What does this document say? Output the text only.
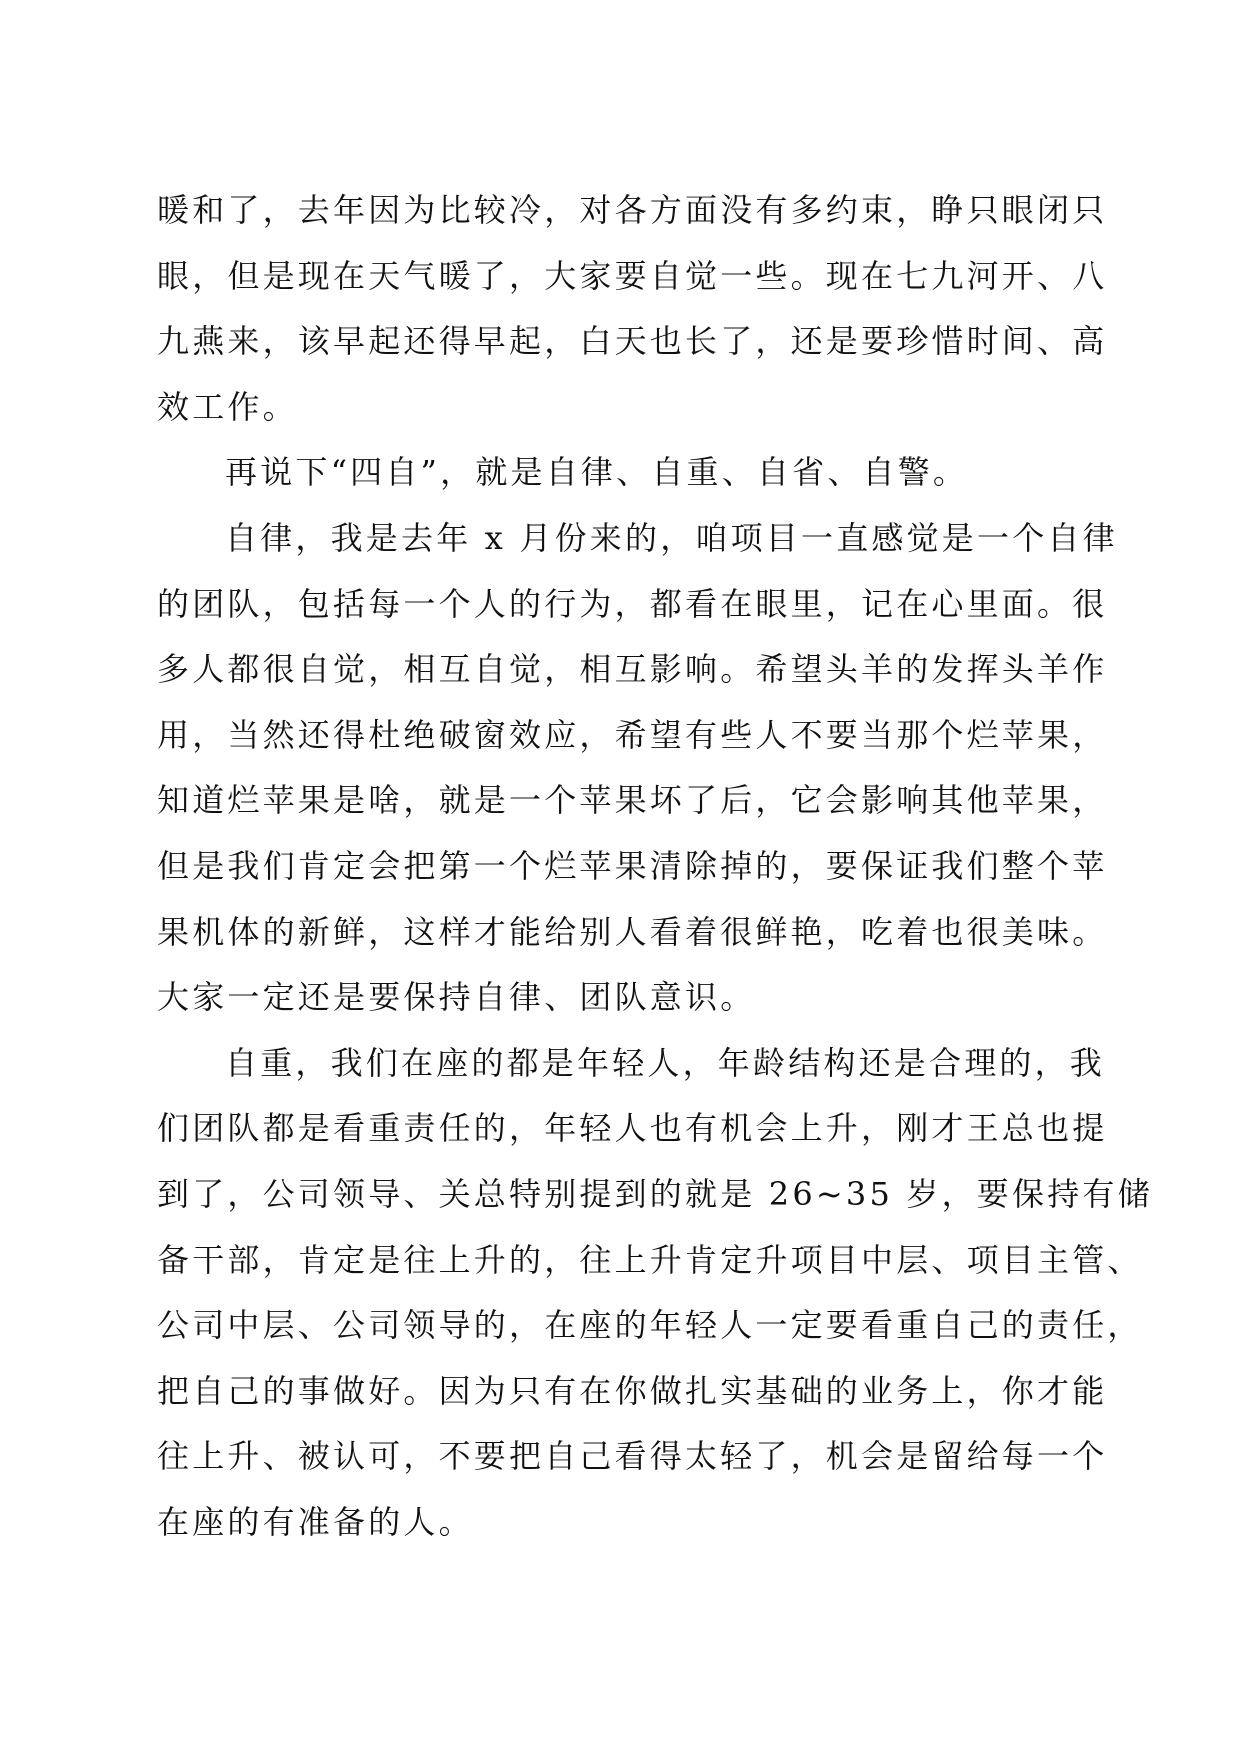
暖和了，去年因为比较冷，对各方面没有多约束，睁只眼闭只
眼，但是现在天气暖了，大家要自觉一些。现在七九河开、八
九燕来，该早起还得早起，白天也长了，还是要珍惜时间、高
效工作。
再说下“四自”，就是自律、自重、自省、自警。
自律，我是去年 x 月份来的，咱项目一直感觉是一个自律
的团队，包括每一个人的行为，都看在眼里，记在心里面。很
多人都很自觉，相互自觉，相互影响。希望头羊的发挥头羊作
用，当然还得杜绝破窗效应，希望有些人不要当那个烂苹果，
知道烂苹果是啥，就是一个苹果坏了后，它会影响其他苹果，
但是我们肯定会把第一个烂苹果清除掉的，要保证我们整个苹
果机体的新鲜，这样才能给别人看着很鲜艳，吃着也很美味。
大家一定还是要保持自律、团队意识。
自重，我们在座的都是年轻人，年龄结构还是合理的，我
们团队都是看重责任的，年轻人也有机会上升，刚才王总也提
到了，公司领导、关总特别提到的就是 26~35 岁，要保持有储
备干部，肯定是往上升的，往上升肯定升项目中层、项目主管、
公司中层、公司领导的，在座的年轻人一定要看重自己的责任，
把自己的事做好。因为只有在你做扎实基础的业务上，你才能
往上升、被认可，不要把自己看得太轻了，机会是留给每一个
在座的有准备的人。
